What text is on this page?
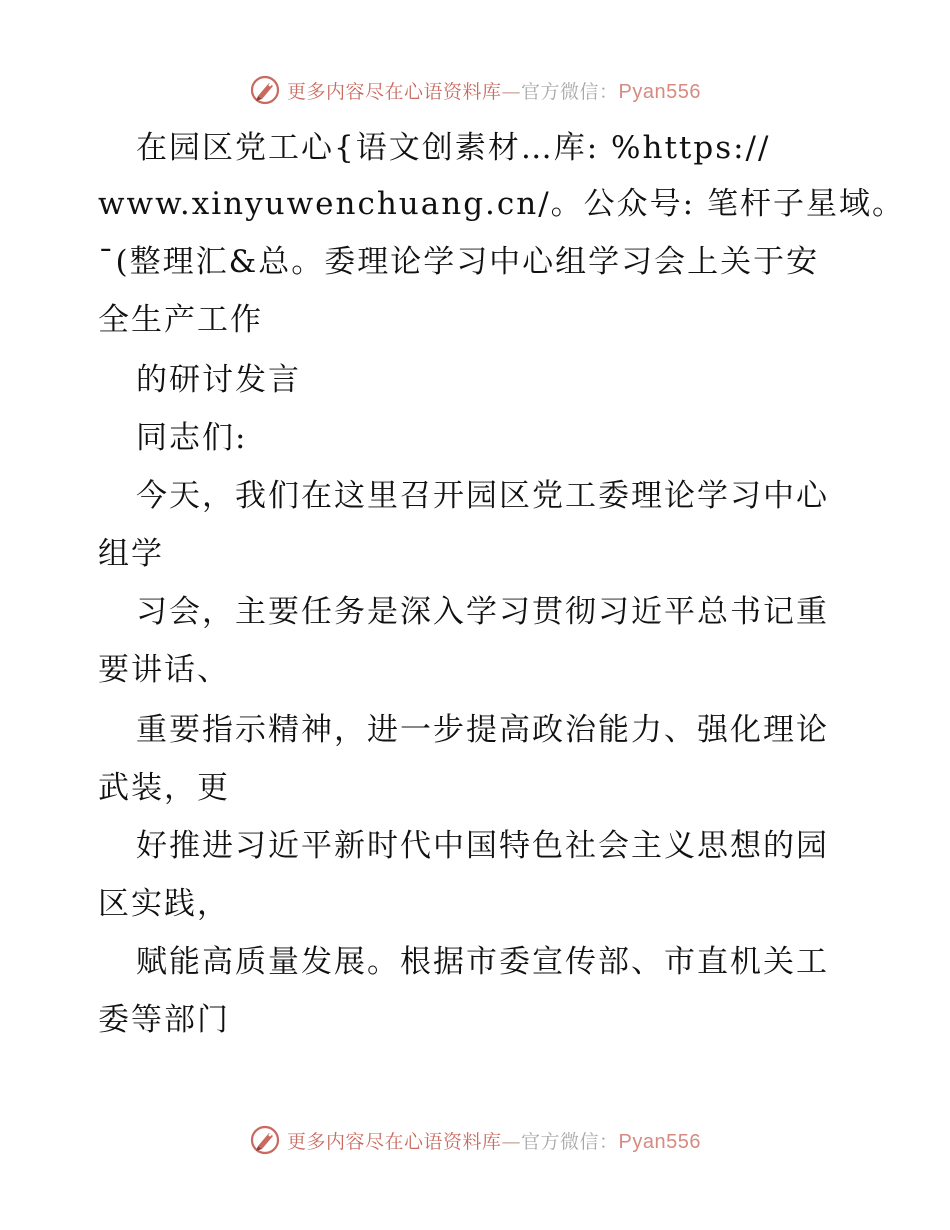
更多内容尽在心语资料库—官方微信：Pyan556
在园区党工心{语文创素材…库: %https://
www.xinyuwenchuang.cn/。公众号: 笔杆子星域。
¯(整理汇&总。委理论学习中心组学习会上关于安
全生产工作
的研讨发言
同志们:
今天，我们在这里召开园区党工委理论学习中心
组学
习会，主要任务是深入学习贯彻习近平总书记重
要讲话、
重要指示精神，进一步提高政治能力、强化理论
武装，更
好推进习近平新时代中国特色社会主义思想的园
区实践，
赋能高质量发展。根据市委宣传部、市直机关工
委等部门
更多内容尽在心语资料库—官方微信：Pyan556
